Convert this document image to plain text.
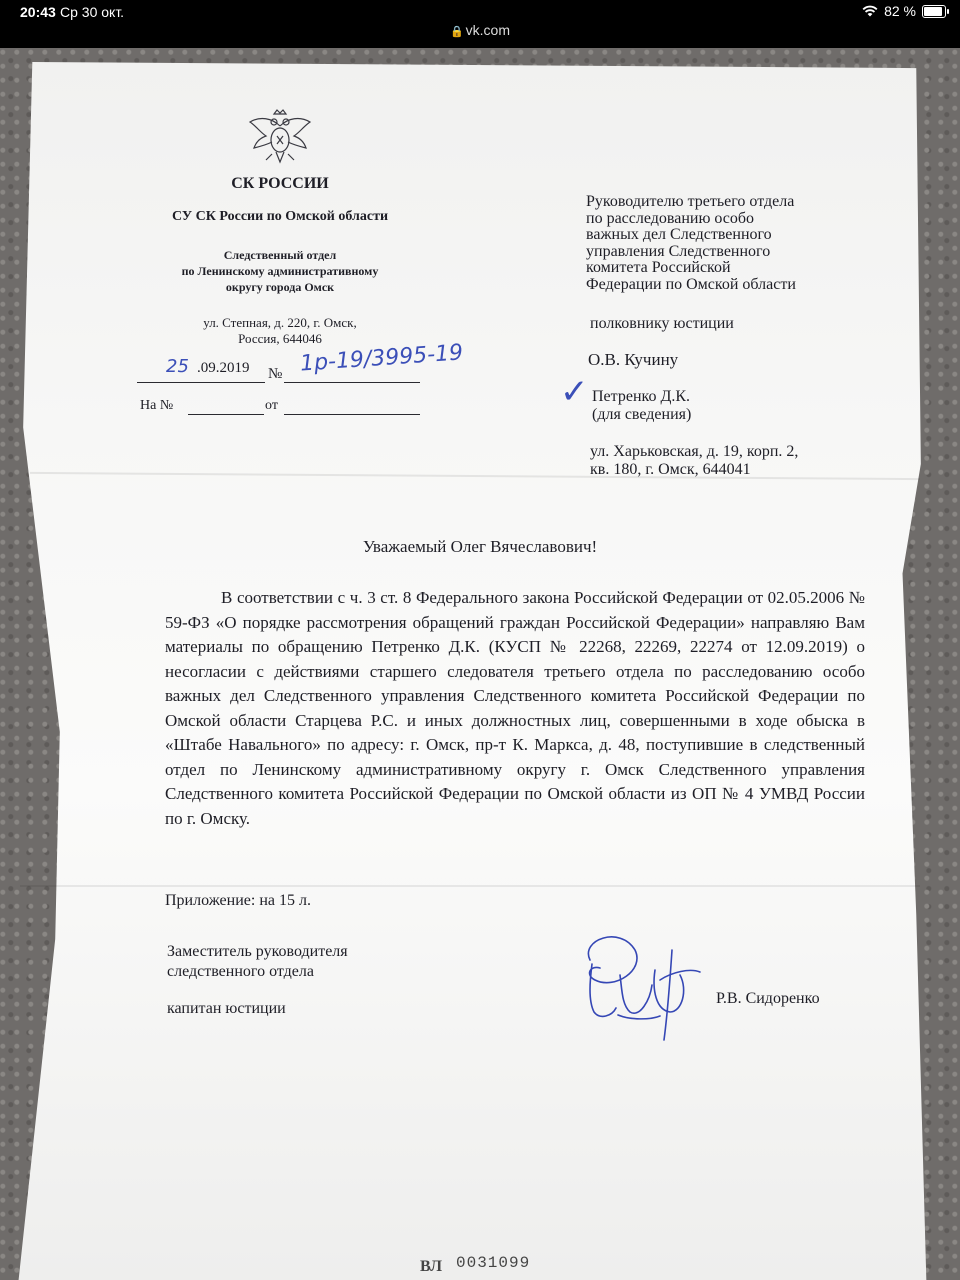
20:43 Ср 30 окт.	82 %
🔒 vk.com
СК РОССИИ
СУ СК России по Омской области
Следственный отдел
по Ленинскому административному
округу города Омск
ул. Степная, д. 220, г. Омск,
Россия, 644046
25 .09.2019 № 1р-19/3995-19
На №	от
Руководителю третьего отдела
по расследованию особо
важных дел Следственного
управления Следственного
комитета Российской
Федерации по Омской области
полковнику юстиции
О.В. Кучину
✓ Петренко Д.К.
(для сведения)
ул. Харьковская, д. 19, корп. 2,
кв. 180, г. Омск, 644041
Уважаемый Олег Вячеславович!
В соответствии с ч. 3 ст. 8 Федерального закона Российской Федерации от 02.05.2006 № 59-ФЗ «О порядке рассмотрения обращений граждан Российской Федерации» направляю Вам материалы по обращению Петренко Д.К. (КУСП № 22268, 22269, 22274 от 12.09.2019) о несогласии с действиями старшего следователя третьего отдела по расследованию особо важных дел Следственного управления Следственного комитета Российской Федерации по Омской области Старцева Р.С. и иных должностных лиц, совершенными в ходе обыска в «Штабе Навального» по адресу: г. Омск, пр-т К. Маркса, д. 48, поступившие в следственный отдел по Ленинскому административному округу г. Омск Следственного управления Следственного комитета Российской Федерации по Омской области из ОП № 4 УМВД России по г. Омску.
Приложение: на 15 л.
Заместитель руководителя
следственного отдела
капитан юстиции
Р.В. Сидоренко
ВЛ 0031099
